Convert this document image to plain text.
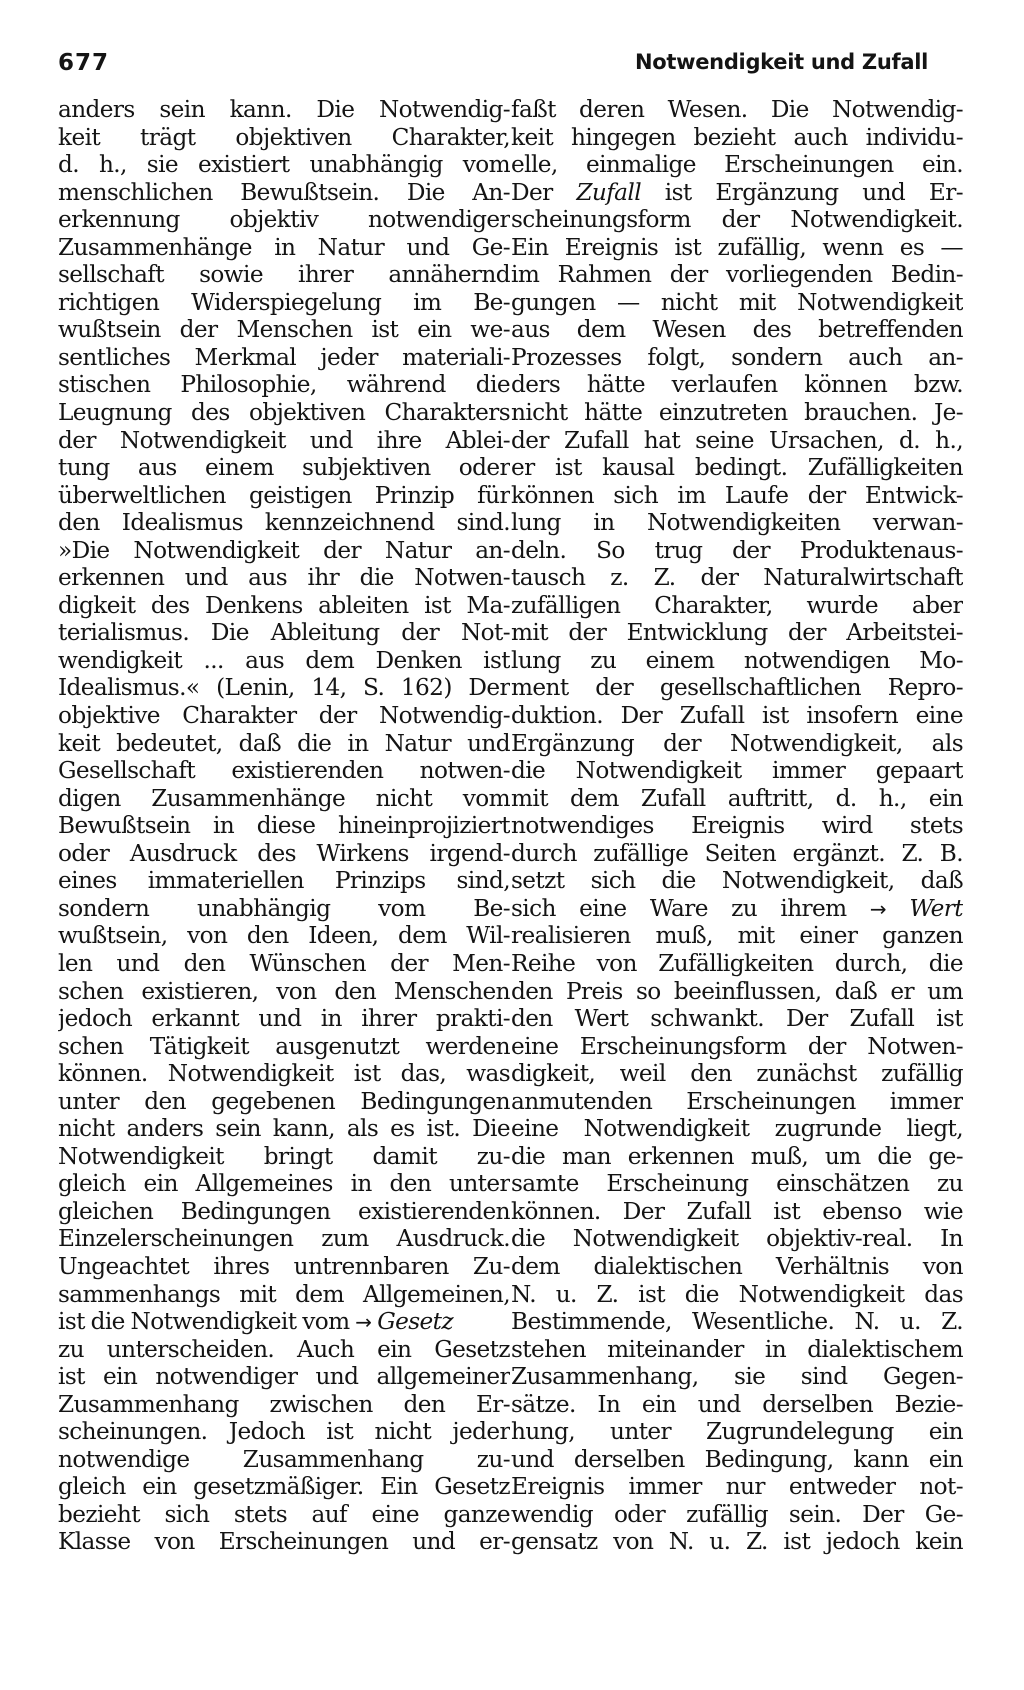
677	Notwendigkeit und Zufall
anders sein kann. Die Notwendig-
keit trägt objektiven Charakter,
d. h., sie existiert unabhängig vom
menschlichen Bewußtsein. Die An-
erkennung objektiv notwendiger
Zusammenhänge in Natur und Ge-
sellschaft sowie ihrer annähernd
richtigen Widerspiegelung im Be-
wußtsein der Menschen ist ein we-
sentliches Merkmal jeder materiali-
stischen Philosophie, während die
Leugnung des objektiven Charakters
der Notwendigkeit und ihre Ablei-
tung aus einem subjektiven oder
überweltlichen geistigen Prinzip für
den Idealismus kennzeichnend sind.
»Die Notwendigkeit der Natur an-
erkennen und aus ihr die Notwen-
digkeit des Denkens ableiten ist Ma-
terialismus. Die Ableitung der Not-
wendigkeit ... aus dem Denken ist
Idealismus.« (Lenin, 14, S. 162) Der
objektive Charakter der Notwendig-
keit bedeutet, daß die in Natur und
Gesellschaft existierenden notwen-
digen Zusammenhänge nicht vom
Bewußtsein in diese hineinprojiziert
oder Ausdruck des Wirkens irgend-
eines immateriellen Prinzips sind,
sondern unabhängig vom Be-
wußtsein, von den Ideen, dem Wil-
len und den Wünschen der Men-
schen existieren, von den Menschen
jedoch erkannt und in ihrer prakti-
schen Tätigkeit ausgenutzt werden
können. Notwendigkeit ist das, was
unter den gegebenen Bedingungen
nicht anders sein kann, als es ist. Die
Notwendigkeit bringt damit zu-
gleich ein Allgemeines in den unter
gleichen Bedingungen existierenden
Einzelerscheinungen zum Ausdruck.
Ungeachtet ihres untrennbaren Zu-
sammenhangs mit dem Allgemeinen,
ist die Notwendigkeit vom → Gesetz
zu unterscheiden. Auch ein Gesetz
ist ein notwendiger und allgemeiner
Zusammenhang zwischen den Er-
scheinungen. Jedoch ist nicht jeder
notwendige Zusammenhang zu-
gleich ein gesetzmäßiger. Ein Gesetz
bezieht sich stets auf eine ganze
Klasse von Erscheinungen und er-
faßt deren Wesen. Die Notwendig-
keit hingegen bezieht auch individu-
elle, einmalige Erscheinungen ein.
Der Zufall ist Ergänzung und Er-
scheinungsform der Notwendigkeit.
Ein Ereignis ist zufällig, wenn es —
im Rahmen der vorliegenden Bedin-
gungen — nicht mit Notwendigkeit
aus dem Wesen des betreffenden
Prozesses folgt, sondern auch an-
ders hätte verlaufen können bzw.
nicht hätte einzutreten brauchen. Je-
der Zufall hat seine Ursachen, d. h.,
er ist kausal bedingt. Zufälligkeiten
können sich im Laufe der Entwick-
lung in Notwendigkeiten verwan-
deln. So trug der Produktenaus-
tausch z. Z. der Naturalwirtschaft
zufälligen Charakter, wurde aber
mit der Entwicklung der Arbeitstei-
lung zu einem notwendigen Mo-
ment der gesellschaftlichen Repro-
duktion. Der Zufall ist insofern eine
Ergänzung der Notwendigkeit, als
die Notwendigkeit immer gepaart
mit dem Zufall auftritt, d. h., ein
notwendiges Ereignis wird stets
durch zufällige Seiten ergänzt. Z. B.
setzt sich die Notwendigkeit, daß
sich eine Ware zu ihrem → Wert
realisieren muß, mit einer ganzen
Reihe von Zufälligkeiten durch, die
den Preis so beeinflussen, daß er um
den Wert schwankt. Der Zufall ist
eine Erscheinungsform der Notwen-
digkeit, weil den zunächst zufällig
anmutenden Erscheinungen immer
eine Notwendigkeit zugrunde liegt,
die man erkennen muß, um die ge-
samte Erscheinung einschätzen zu
können. Der Zufall ist ebenso wie
die Notwendigkeit objektiv-real. In
dem dialektischen Verhältnis von
N. u. Z. ist die Notwendigkeit das
Bestimmende, Wesentliche. N. u. Z.
stehen miteinander in dialektischem
Zusammenhang, sie sind Gegen-
sätze. In ein und derselben Bezie-
hung, unter Zugrundelegung ein
und derselben Bedingung, kann ein
Ereignis immer nur entweder not-
wendig oder zufällig sein. Der Ge-
gensatz von N. u. Z. ist jedoch kein
